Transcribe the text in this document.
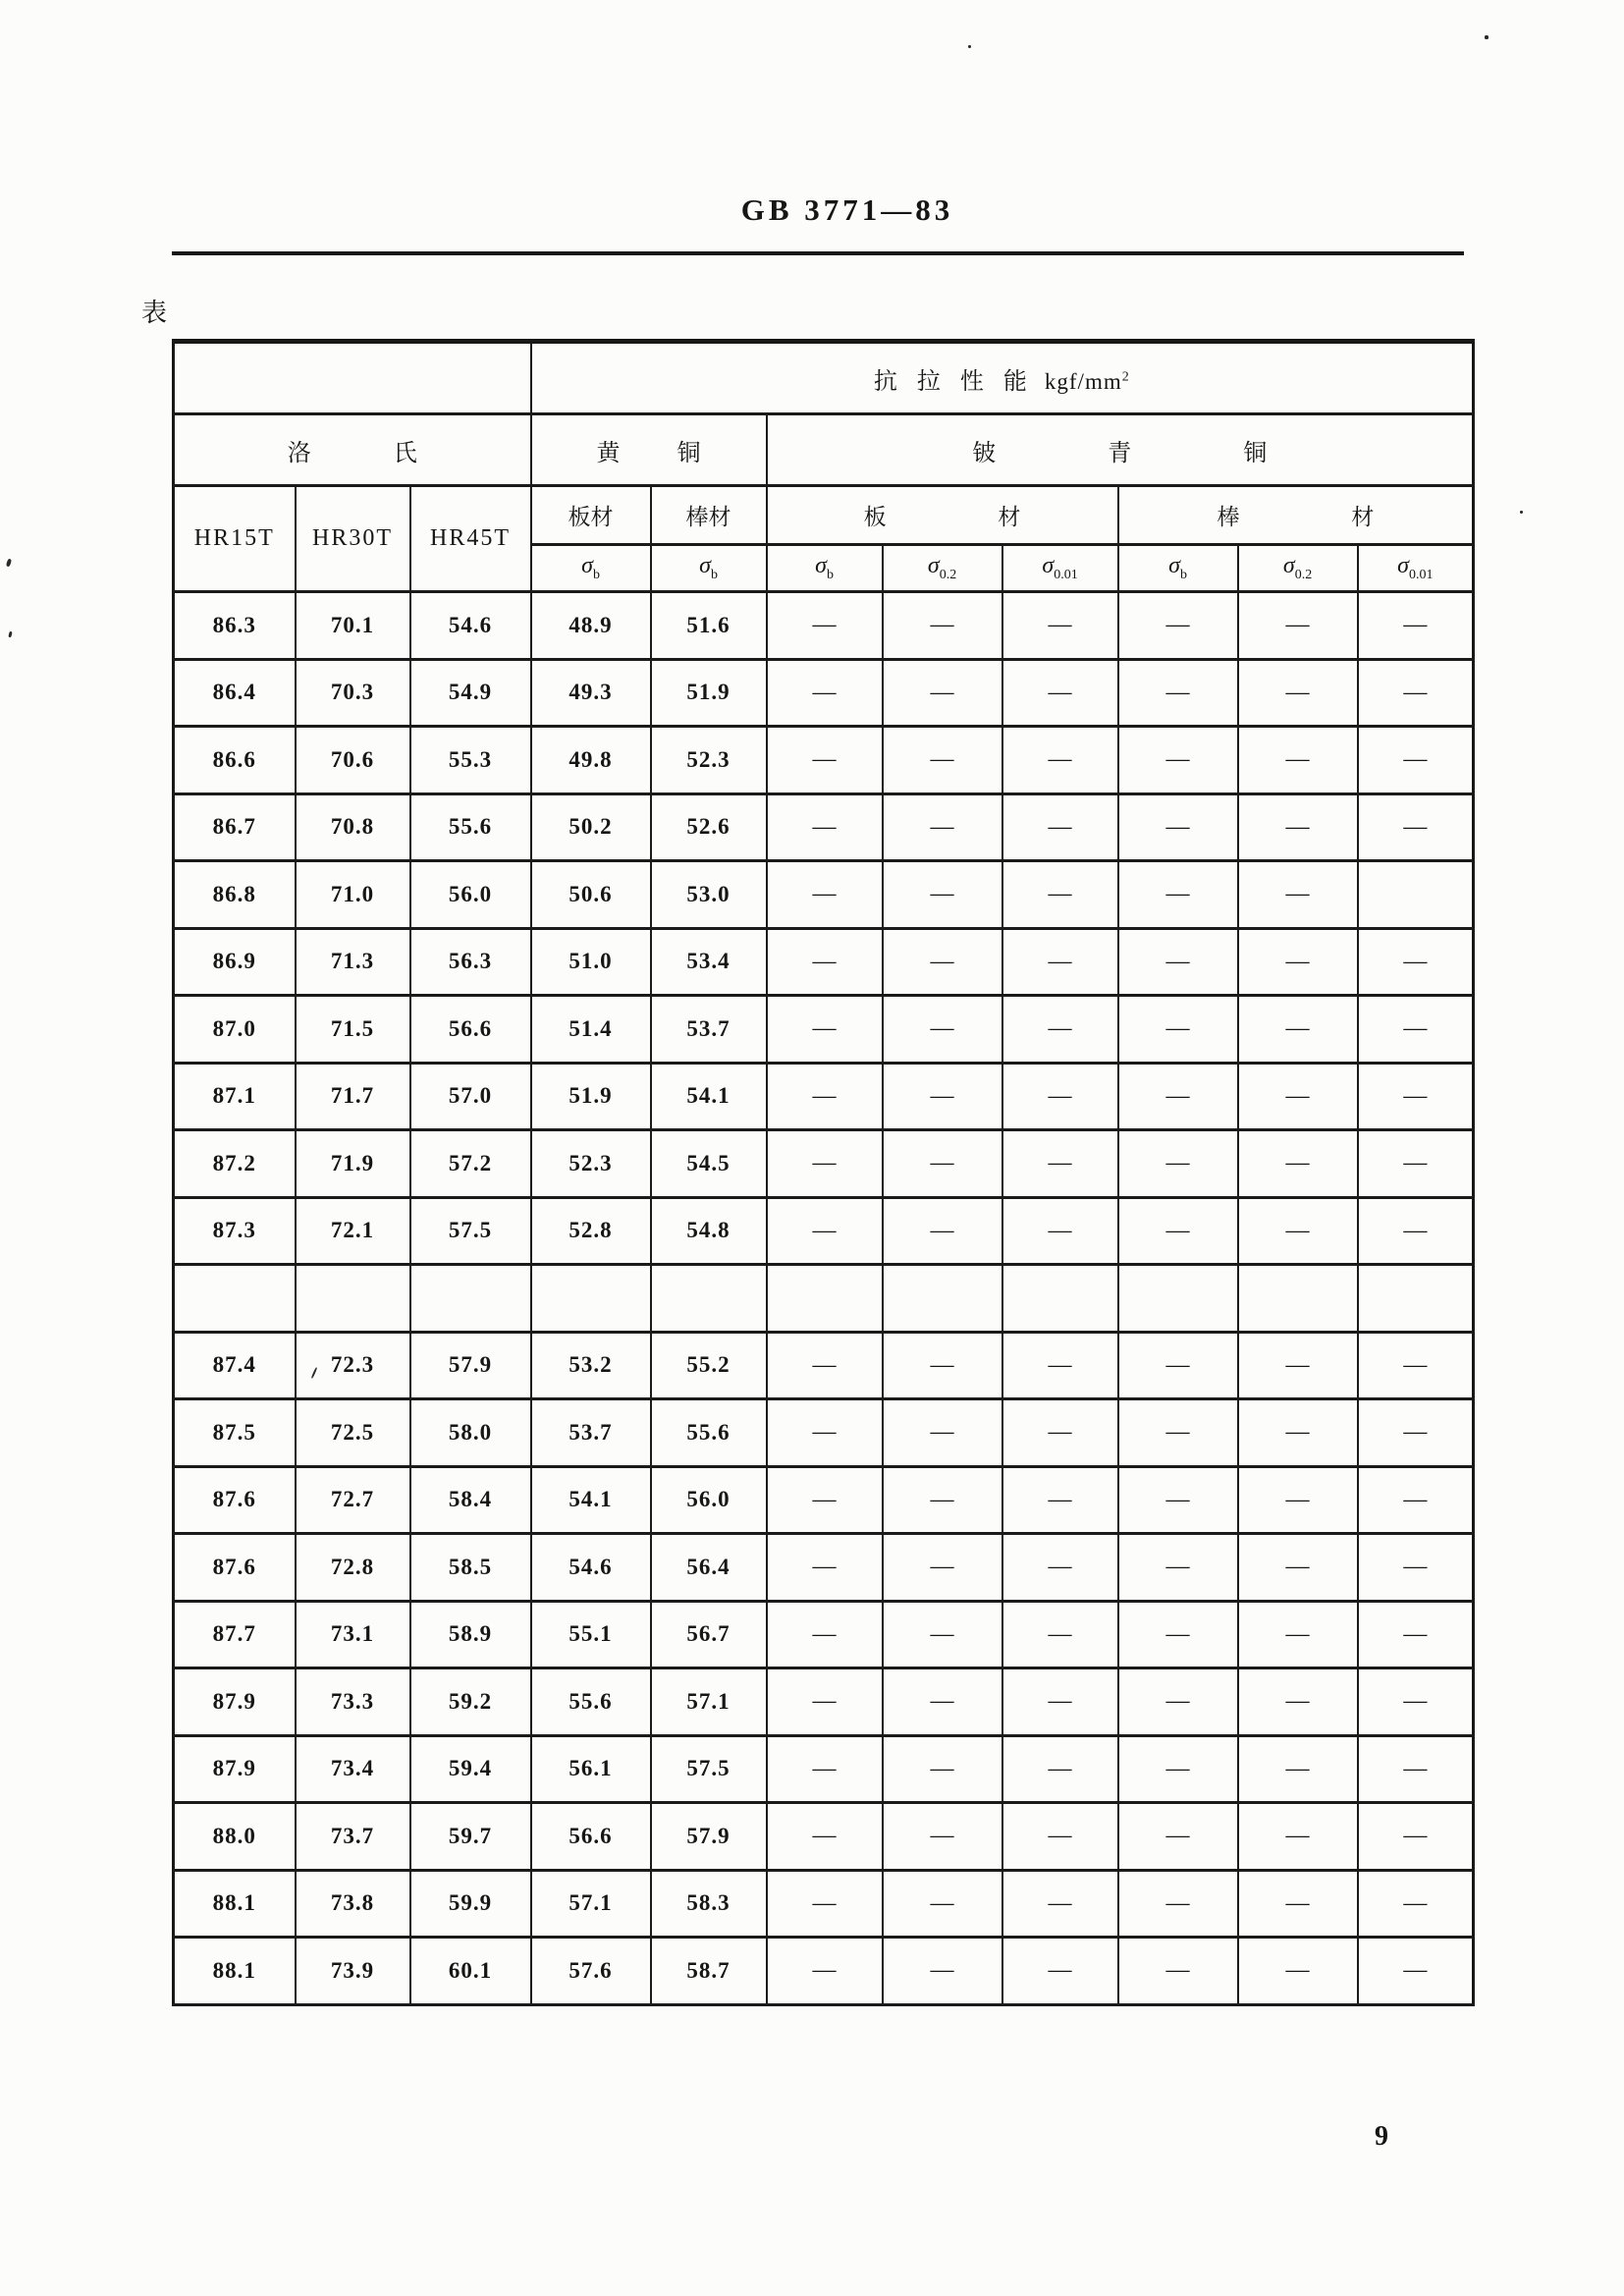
GB 3771—83
表
			抗 拉 性 能 kgf/$mm^2$
洛 氏			黄 铜		铍 青 铜					
HR15T	HR30T	HR45T	板材	棒材	板 材			棒 材		
			$\sigma_b$	$\sigma_b$	$\sigma_b$	$\sigma_{0.2}$	$\sigma_{0.01}$	$\sigma_b$	$\sigma_{0.2}$	$\sigma_{0.01}$
86.3	70.1	54.6	48.9	51.6	—	—	—	—	—	—
86.4	70.3	54.9	49.3	51.9	—	—	—	—	—	—
86.6	70.6	55.3	49.8	52.3	—	—	—	—	—	—
86.7	70.8	55.6	50.2	52.6	—	—	—	—	—	—
86.8	71.0	56.0	50.6	53.0	—	—	—	—	—	
86.9	71.3	56.3	51.0	53.4	—	—	—	—	—	—
87.0	71.5	56.6	51.4	53.7	—	—	—	—	—	—
87.1	71.7	57.0	51.9	54.1	—	—	—	—	—	—
87.2	71.9	57.2	52.3	54.5	—	—	—	—	—	—
87.3	72.1	57.5	52.8	54.8	—	—	—	—	—	—

87.4	72.3	57.9	53.2	55.2	—	—	—	—	—	—
87.5	72.5	58.0	53.7	55.6	—	—	—	—	—	—
87.6	72.7	58.4	54.1	56.0	—	—	—	—	—	—
87.6	72.8	58.5	54.6	56.4	—	—	—	—	—	—
87.7	73.1	58.9	55.1	56.7	—	—	—	—	—	—
87.9	73.3	59.2	55.6	57.1	—	—	—	—	—	—
87.9	73.4	59.4	56.1	57.5	—	—	—	—	—	—
88.0	73.7	59.7	56.6	57.9	—	—	—	—	—	—
88.1	73.8	59.9	57.1	58.3	—	—	—	—	—	—
88.1	73.9	60.1	57.6	58.7	—	—	—	—	—	—
9
